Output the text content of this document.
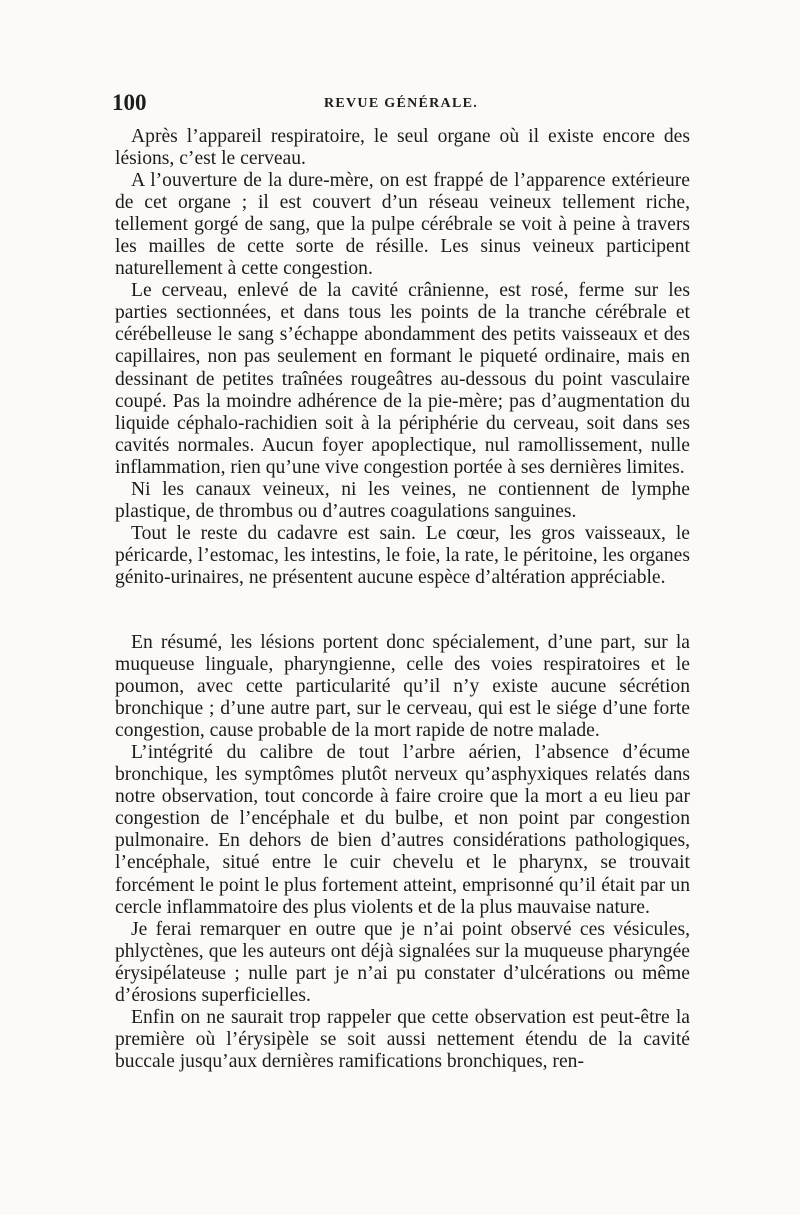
100	REVUE GÉNÉRALE.

Après l’appareil respiratoire, le seul organe où il existe encore des lésions, c’est le cerveau.

A l’ouverture de la dure-mère, on est frappé de l’apparence extérieure de cet organe ; il est couvert d’un réseau veineux tellement riche, tellement gorgé de sang, que la pulpe cérébrale se voit à peine à travers les mailles de cette sorte de résille. Les sinus veineux participent naturellement à cette congestion.

Le cerveau, enlevé de la cavité crânienne, est rosé, ferme sur les parties sectionnées, et dans tous les points de la tranche cérébrale et cérébelleuse le sang s’échappe abondamment des petits vaisseaux et des capillaires, non pas seulement en formant le piqueté ordinaire, mais en dessinant de petites traînées rougeâtres au-dessous du point vasculaire coupé. Pas la moindre adhérence de la pie-mère; pas d’augmentation du liquide céphalo-rachidien soit à la périphérie du cerveau, soit dans ses cavités normales. Aucun foyer apoplectique, nul ramollissement, nulle inflammation, rien qu’une vive congestion portée à ses dernières limites.

Ni les canaux veineux, ni les veines, ne contiennent de lymphe plastique, de thrombus ou d’autres coagulations sanguines.

Tout le reste du cadavre est sain. Le cœur, les gros vaisseaux, le péricarde, l’estomac, les intestins, le foie, la rate, le péritoine, les organes génito-urinaires, ne présentent aucune espèce d’altération appréciable.

En résumé, les lésions portent donc spécialement, d’une part, sur la muqueuse linguale, pharyngienne, celle des voies respiratoires et le poumon, avec cette particularité qu’il n’y existe aucune sécrétion bronchique ; d’une autre part, sur le cerveau, qui est le siége d’une forte congestion, cause probable de la mort rapide de notre malade.

L’intégrité du calibre de tout l’arbre aérien, l’absence d’écume bronchique, les symptômes plutôt nerveux qu’asphyxiques relatés dans notre observation, tout concorde à faire croire que la mort a eu lieu par congestion de l’encéphale et du bulbe, et non point par congestion pulmonaire. En dehors de bien d’autres considérations pathologiques, l’encéphale, situé entre le cuir chevelu et le pharynx, se trouvait forcément le point le plus fortement atteint, emprisonné qu’il était par un cercle inflammatoire des plus violents et de la plus mauvaise nature.

Je ferai remarquer en outre que je n’ai point observé ces vésicules, phlyctènes, que les auteurs ont déjà signalées sur la muqueuse pharyngée érysipélateuse ; nulle part je n’ai pu constater d’ulcérations ou même d’érosions superficielles.

Enfin on ne saurait trop rappeler que cette observation est peut-être la première où l’érysipèle se soit aussi nettement étendu de la cavité buccale jusqu’aux dernières ramifications bronchiques, ren-
